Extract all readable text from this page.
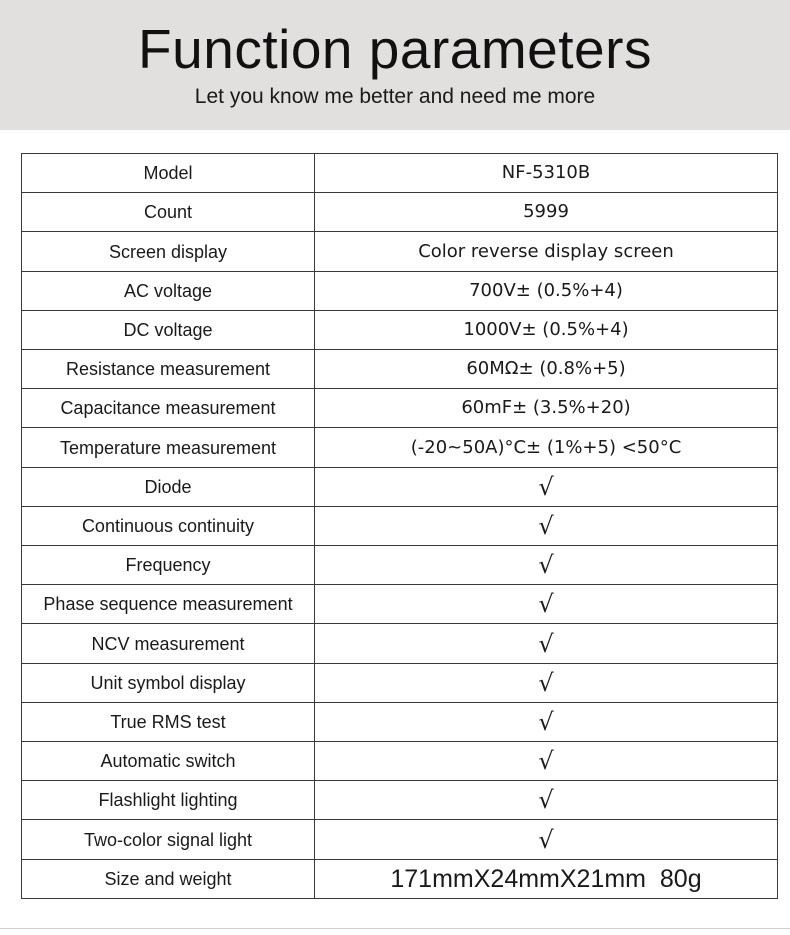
Function parameters
Let you know me better and need me more
Model	NF-5310B
Count	5999
Screen display	Color reverse display screen
AC voltage	700V± (0.5%+4)
DC voltage	1000V± (0.5%+4)
Resistance measurement	60MΩ± (0.8%+5)
Capacitance measurement	60mF± (3.5%+20)
Temperature measurement	(-20~50A)°C± (1%+5) <50°C
Diode	√
Continuous continuity	√
Frequency	√
Phase sequence measurement	√
NCV measurement	√
Unit symbol display	√
True RMS test	√
Automatic switch	√
Flashlight lighting	√
Two-color signal light	√
Size and weight	171mmX24mmX21mm  80g
